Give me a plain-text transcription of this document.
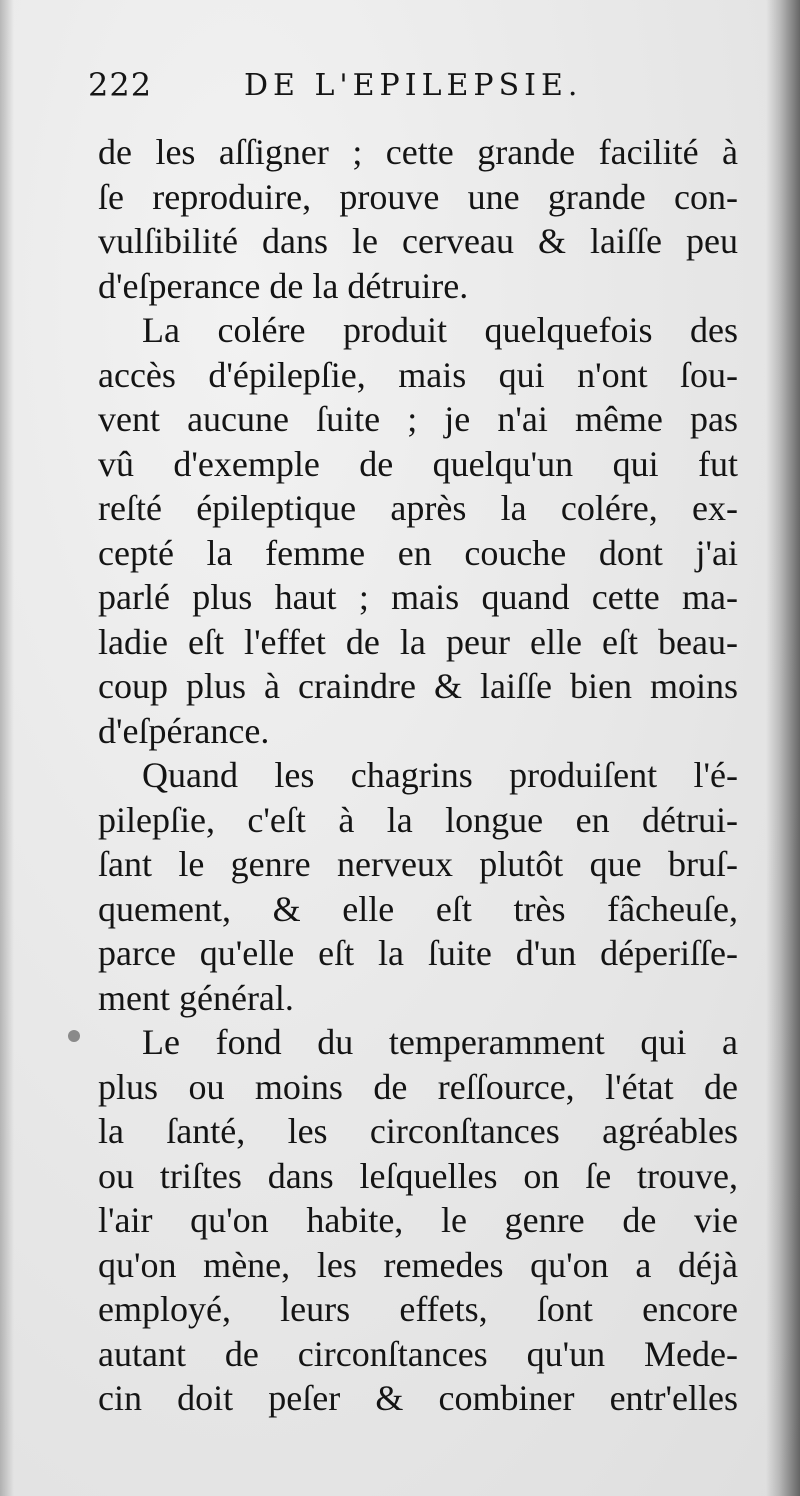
222	DE L'EPILEPSIE.
de les aſſigner ; cette grande facilité à
ſe reproduire, prouve une grande con-
vulſibilité dans le cerveau & laiſſe peu
d'eſperance de la détruire.
La colére produit quelquefois des
accès d'épilepſie, mais qui n'ont ſou-
vent aucune ſuite ; je n'ai même pas
vû d'exemple de quelqu'un qui fut
reſté épileptique après la colére, ex-
cepté la femme en couche dont j'ai
parlé plus haut ; mais quand cette ma-
ladie eſt l'effet de la peur elle eſt beau-
coup plus à craindre & laiſſe bien moins
d'eſpérance.
Quand les chagrins produiſent l'é-
pilepſie, c'eſt à la longue en détrui-
ſant le genre nerveux plutôt que bruſ-
quement, & elle eſt très fâcheuſe,
parce qu'elle eſt la ſuite d'un déperiſſe-
ment général.
Le fond du temperamment qui a
plus ou moins de reſſource, l'état de
la ſanté, les circonſtances agréables
ou triſtes dans leſquelles on ſe trouve,
l'air qu'on habite, le genre de vie
qu'on mène, les remedes qu'on a déjà
employé, leurs effets, ſont encore
autant de circonſtances qu'un Mede-
cin doit peſer & combiner entr'elles
